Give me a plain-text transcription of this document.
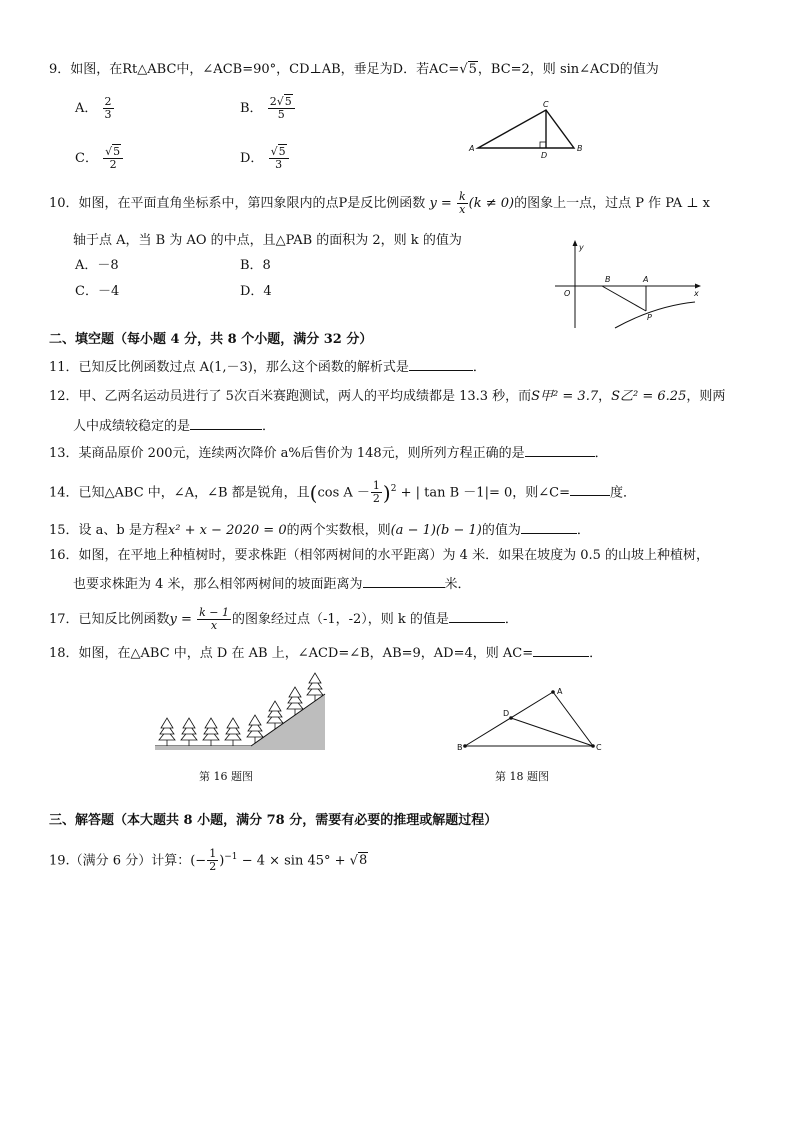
9．如图，在Rt△ABC中，∠ACB=90°，CD⊥AB，垂足为D．若AC=√5，BC=2，则 sin∠ACD的值为
A． $\frac{2}{3}$	B． $\frac{2√5}{5}$
C． $\frac{√5}{2}$	D． $\frac{√5}{3}$	A	B
C
D
10．如图，在平面直角坐标系中，第四象限内的点P是反比例函数 $y = \frac{k}{x} (k \ne 0)$的图象上一点，过点 P 作 PA ⊥ x
轴于点 A，当 B 为 AO 的中点，且△PAB 的面积为 2，则 k 的值为
A．－8	B．8
C．－4	D．4
y
O
B	A
x
P
二、填空题（每小题 4 分，共 8 个小题，满分 32 分）
11．已知反比例函数过点 A(1,－3)，那么这个函数的解析式是	．
12．甲、乙两名运动员进行了 5次百米赛跑测试，两人的平均成绩都是 13.3 秒，而S甲² = 3.7，S乙² = 6.25，则两
人中成绩较稳定的是	．
13．某商品原价 200元，连续两次降价 a%后售价为 148元，则所列方程正确的是	．
14．已知△ABC 中，∠A，∠B 都是锐角，且(cos $A - \frac{1}{2} )^2$ + | tan B －1|= 0，则∠C=	度．
15．设 a、b 是方程x² + x − 2020 = 0的两个实数根，则(a − 1)(b − 1)的值为	．
16．如图，在平地上种植树时，要求株距（相邻两树间的水平距离）为 4 米．如果在坡度为 0.5 的山坡上种植树，
也要求株距为 4 米，那么相邻两树间的坡面距离为	米．
17．已知反比例函数$y = \frac{k - 1}{x}$ 的图象经过点（-1，-2），则 k 的值是	．
18．如图，在△ABC 中，点 D 在 AB 上，∠ACD=∠B，AB=9，AD=4，则 AC=	．
第 16 题图
A
D
B	C
第 18 题图
三、解答题（本大题共 8 小题，满分 78 分，需要有必要的推理或解题过程）
19.（满分 6 分）计算：(− $\frac{1}{2} )^{-1} - 4 \times \sin 45^\circ + √8$
